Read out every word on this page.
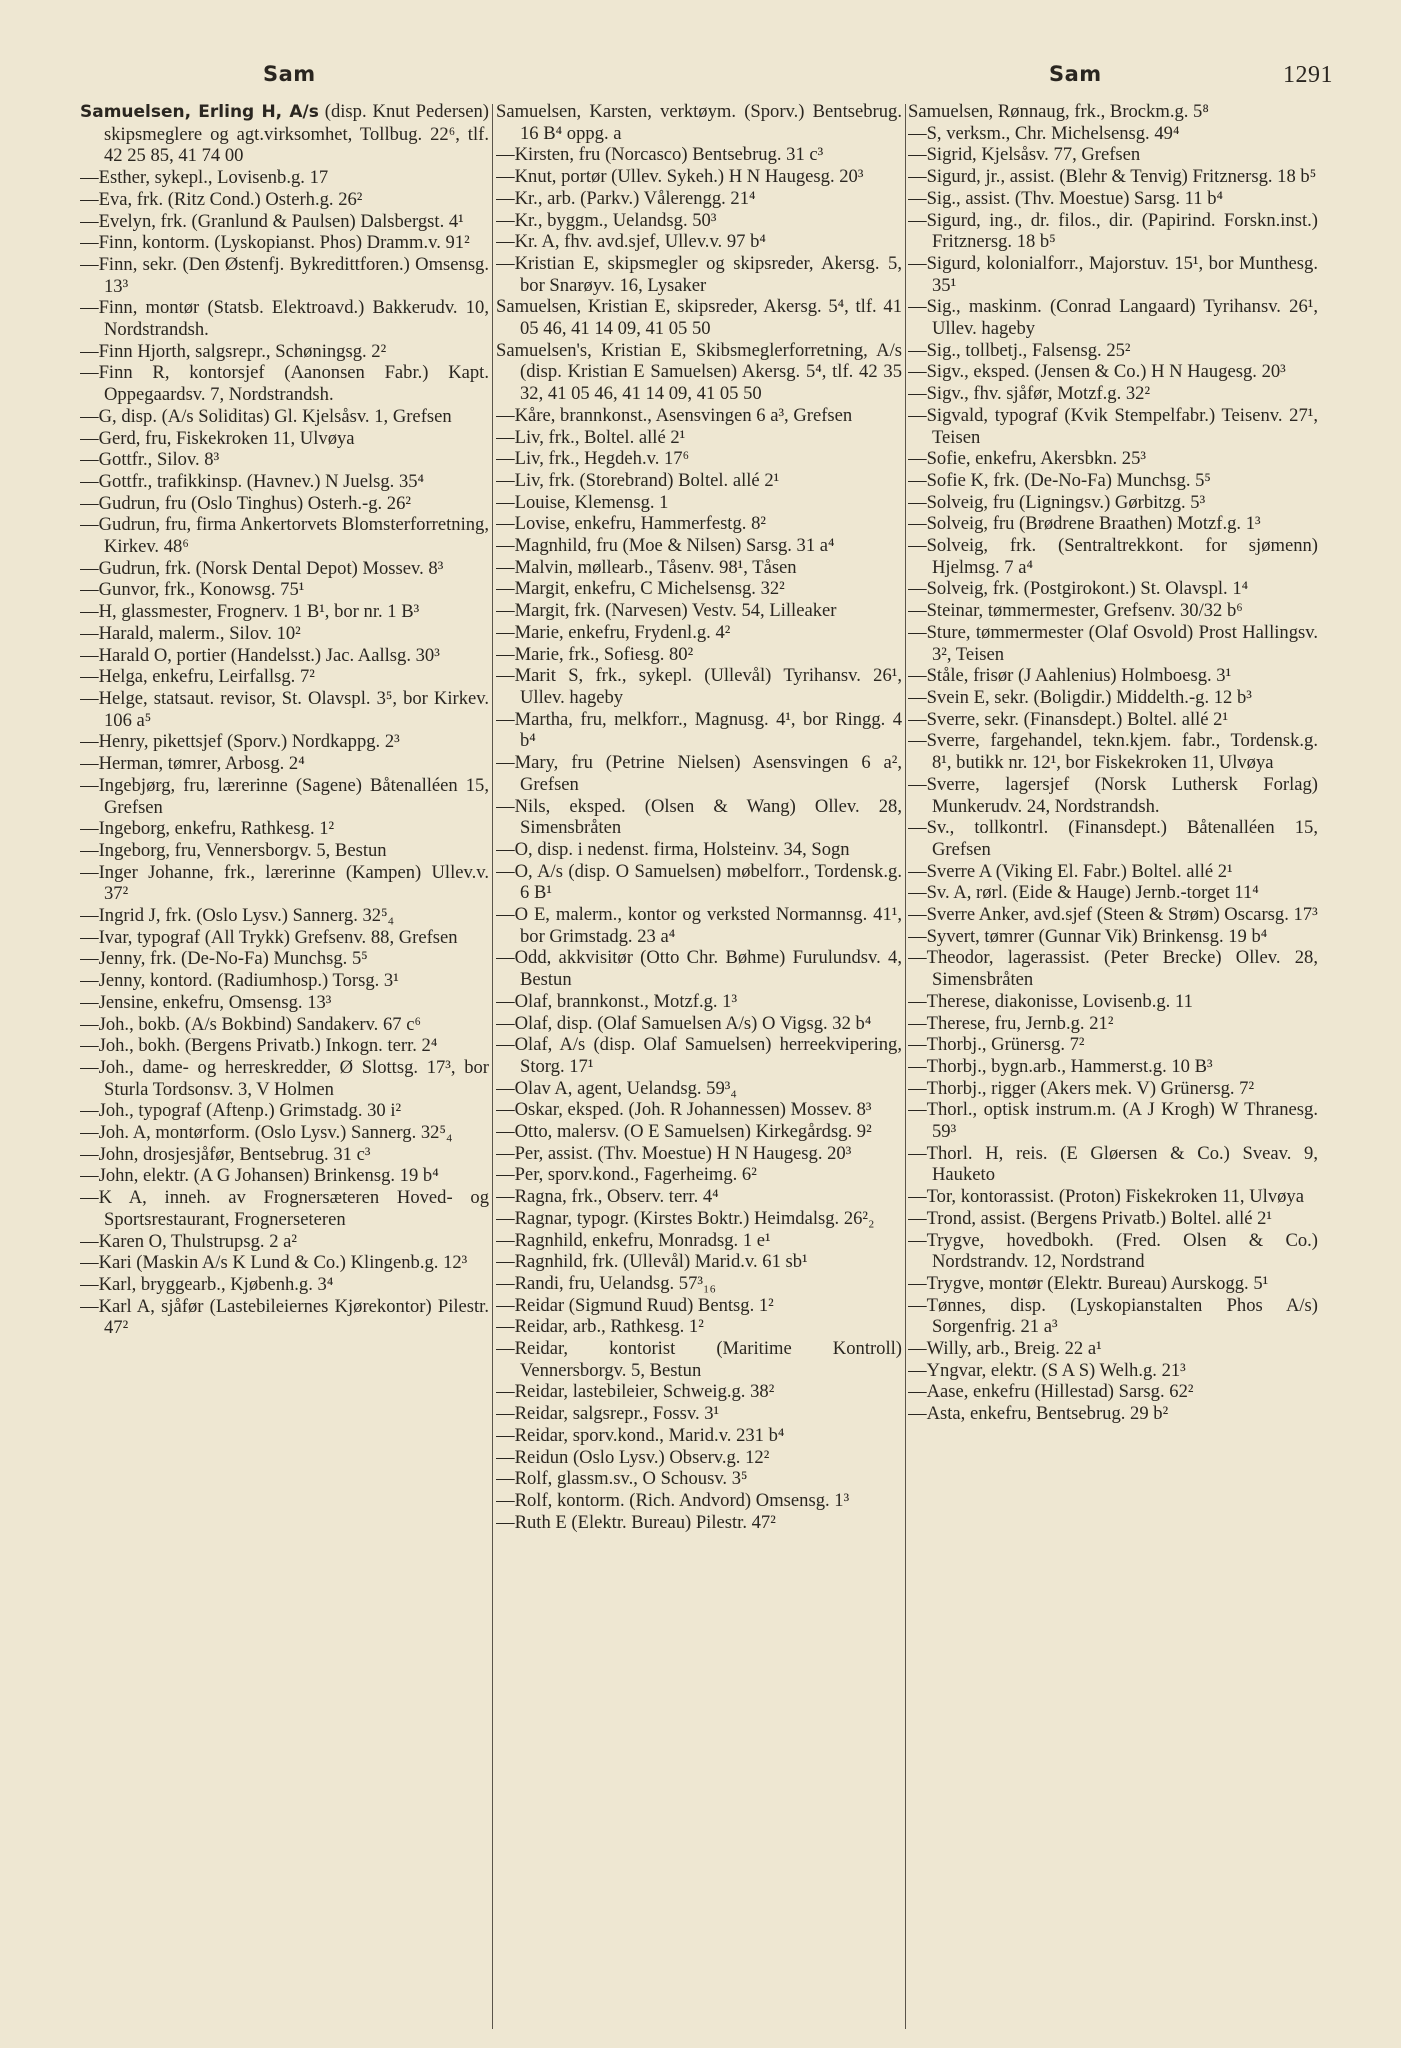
Sam	Sam	1291
Samuelsen, Erling H, A/s (disp. Knut Pedersen) skipsmeglere og agt.virksomhet, Tollbug. 22⁶, tlf. 42 25 85, 41 74 00
—Esther, sykepl., Lovisenb.g. 17
—Eva, frk. (Ritz Cond.) Osterh.g. 26²
—Evelyn, frk. (Granlund & Paulsen) Dalsbergst. 4¹
—Finn, kontorm. (Lyskopianst. Phos) Dramm.v. 91²
—Finn, sekr. (Den Østenfj. Bykredittforen.) Omsensg. 13³
—Finn, montør (Statsb. Elektroavd.) Bakkerudv. 10, Nordstrandsh.
—Finn Hjorth, salgsrepr., Schøningsg. 2²
—Finn R, kontorsjef (Aanonsen Fabr.) Kapt. Oppegaardsv. 7, Nordstrandsh.
—G, disp. (A/s Soliditas) Gl. Kjelsåsv. 1, Grefsen
—Gerd, fru, Fiskekroken 11, Ulvøya
—Gottfr., Silov. 8³
—Gottfr., trafikkinsp. (Havnev.) N Juelsg. 35⁴
—Gudrun, fru (Oslo Tinghus) Osterh.-g. 26²
—Gudrun, fru, firma Ankertorvets Blomsterforretning, Kirkev. 48⁶
—Gudrun, frk. (Norsk Dental Depot) Mossev. 8³
—Gunvor, frk., Konowsg. 75¹
—H, glassmester, Frognerv. 1 B¹, bor nr. 1 B³
—Harald, malerm., Silov. 10²
—Harald O, portier (Handelsst.) Jac. Aallsg. 30³
—Helga, enkefru, Leirfallsg. 7²
—Helge, statsaut. revisor, St. Olavspl. 3⁵, bor Kirkev. 106 a⁵
—Henry, pikettsjef (Sporv.) Nordkappg. 2³
—Herman, tømrer, Arbosg. 2⁴
—Ingebjørg, fru, lærerinne (Sagene) Båtenalléen 15, Grefsen
—Ingeborg, enkefru, Rathkesg. 1²
—Ingeborg, fru, Vennersborgv. 5, Bestun
—Inger Johanne, frk., lærerinne (Kampen) Ullev.v. 37²
—Ingrid J, frk. (Oslo Lysv.) Sannerg. 32⁵₄
—Ivar, typograf (All Trykk) Grefsenv. 88, Grefsen
—Jenny, frk. (De-No-Fa) Munchsg. 5⁵
—Jenny, kontord. (Radiumhosp.) Torsg. 3¹
—Jensine, enkefru, Omsensg. 13³
—Joh., bokb. (A/s Bokbind) Sandakerv. 67 c⁶
—Joh., bokh. (Bergens Privatb.) Inkogn. terr. 2⁴
—Joh., dame- og herreskredder, Ø Slottsg. 17³, bor Sturla Tordsonsv. 3, V Holmen
—Joh., typograf (Aftenp.) Grimstadg. 30 i²
—Joh. A, montørform. (Oslo Lysv.) Sannerg. 32⁵₄
—John, drosjesjåfør, Bentsebrug. 31 c³
—John, elektr. (A G Johansen) Brinkensg. 19 b⁴
—K A, inneh. av Frognersæteren Hoved- og Sportsrestaurant, Frognerseteren
—Karen O, Thulstrupsg. 2 a²
—Kari (Maskin A/s K Lund & Co.) Klingenb.g. 12³
—Karl, bryggearb., Kjøbenh.g. 3⁴
—Karl A, sjåfør (Lastebileiernes Kjørekontor) Pilestr. 47²
Samuelsen, Karsten, verktøym. (Sporv.) Bentsebrug. 16 B⁴ oppg. a
—Kirsten, fru (Norcasco) Bentsebrug. 31 c³
—Knut, portør (Ullev. Sykeh.) H N Haugesg. 20³
—Kr., arb. (Parkv.) Vålerengg. 21⁴
—Kr., byggm., Uelandsg. 50³
—Kr. A, fhv. avd.sjef, Ullev.v. 97 b⁴
—Kristian E, skipsmegler og skipsreder, Akersg. 5, bor Snarøyv. 16, Lysaker
Samuelsen, Kristian E, skipsreder, Akersg. 5⁴, tlf. 41 05 46, 41 14 09, 41 05 50
Samuelsen's, Kristian E, Skibsmeglerforretning, A/s (disp. Kristian E Samuelsen) Akersg. 5⁴, tlf. 42 35 32, 41 05 46, 41 14 09, 41 05 50
—Kåre, brannkonst., Asensvingen 6 a³, Grefsen
—Liv, frk., Boltel. allé 2¹
—Liv, frk., Hegdeh.v. 17⁶
—Liv, frk. (Storebrand) Boltel. allé 2¹
—Louise, Klemensg. 1
—Lovise, enkefru, Hammerfestg. 8²
—Magnhild, fru (Moe & Nilsen) Sarsg. 31 a⁴
—Malvin, møllearb., Tåsenv. 98¹, Tåsen
—Margit, enkefru, C Michelsensg. 32²
—Margit, frk. (Narvesen) Vestv. 54, Lilleaker
—Marie, enkefru, Frydenl.g. 4²
—Marie, frk., Sofiesg. 80²
—Marit S, frk., sykepl. (Ullevål) Tyrihansv. 26¹, Ullev. hageby
—Martha, fru, melkforr., Magnusg. 4¹, bor Ringg. 4 b⁴
—Mary, fru (Petrine Nielsen) Asensvingen 6 a², Grefsen
—Nils, eksped. (Olsen & Wang) Ollev. 28, Simensbråten
—O, disp. i nedenst. firma, Holsteinv. 34, Sogn
—O, A/s (disp. O Samuelsen) møbelforr., Tordensk.g. 6 B¹
—O E, malerm., kontor og verksted Normannsg. 41¹, bor Grimstadg. 23 a⁴
—Odd, akkvisitør (Otto Chr. Bøhme) Furulundsv. 4, Bestun
—Olaf, brannkonst., Motzf.g. 1³
—Olaf, disp. (Olaf Samuelsen A/s) O Vigsg. 32 b⁴
—Olaf, A/s (disp. Olaf Samuelsen) herreekvipering, Storg. 17¹
—Olav A, agent, Uelandsg. 59³₄
—Oskar, eksped. (Joh. R Johannessen) Mossev. 8³
—Otto, malersv. (O E Samuelsen) Kirkegårdsg. 9²
—Per, assist. (Thv. Moestue) H N Haugesg. 20³
—Per, sporv.kond., Fagerheimg. 6²
—Ragna, frk., Observ. terr. 4⁴
—Ragnar, typogr. (Kirstes Boktr.) Heimdalsg. 26²₂
—Ragnhild, enkefru, Monradsg. 1 e¹
—Ragnhild, frk. (Ullevål) Marid.v. 61 sb¹
—Randi, fru, Uelandsg. 57³₁₆
—Reidar (Sigmund Ruud) Bentsg. 1²
—Reidar, arb., Rathkesg. 1²
—Reidar, kontorist (Maritime Kontroll) Vennersborgv. 5, Bestun
—Reidar, lastebileier, Schweig.g. 38²
—Reidar, salgsrepr., Fossv. 3¹
—Reidar, sporv.kond., Marid.v. 231 b⁴
—Reidun (Oslo Lysv.) Observ.g. 12²
—Rolf, glassm.sv., O Schousv. 3⁵
—Rolf, kontorm. (Rich. Andvord) Omsensg. 1³
—Ruth E (Elektr. Bureau) Pilestr. 47²
Samuelsen, Rønnaug, frk., Brockm.g. 5⁸
—S, verksm., Chr. Michelsensg. 49⁴
—Sigrid, Kjelsåsv. 77, Grefsen
—Sigurd, jr., assist. (Blehr & Tenvig) Fritznersg. 18 b⁵
—Sig., assist. (Thv. Moestue) Sarsg. 11 b⁴
—Sigurd, ing., dr. filos., dir. (Papirind. Forskn.inst.) Fritznersg. 18 b⁵
—Sigurd, kolonialforr., Majorstuv. 15¹, bor Munthesg. 35¹
—Sig., maskinm. (Conrad Langaard) Tyrihansv. 26¹, Ullev. hageby
—Sig., tollbetj., Falsensg. 25²
—Sigv., eksped. (Jensen & Co.) H N Haugesg. 20³
—Sigv., fhv. sjåfør, Motzf.g. 32²
—Sigvald, typograf (Kvik Stempelfabr.) Teisenv. 27¹, Teisen
—Sofie, enkefru, Akersbkn. 25³
—Sofie K, frk. (De-No-Fa) Munchsg. 5⁵
—Solveig, fru (Ligningsv.) Gørbitzg. 5³
—Solveig, fru (Brødrene Braathen) Motzf.g. 1³
—Solveig, frk. (Sentraltrekkont. for sjømenn) Hjelmsg. 7 a⁴
—Solveig, frk. (Postgirokont.) St. Olavspl. 1⁴
—Steinar, tømmermester, Grefsenv. 30/32 b⁶
—Sture, tømmermester (Olaf Osvold) Prost Hallingsv. 3², Teisen
—Ståle, frisør (J Aahlenius) Holmboesg. 3¹
—Svein E, sekr. (Boligdir.) Middelth.-g. 12 b³
—Sverre, sekr. (Finansdept.) Boltel. allé 2¹
—Sverre, fargehandel, tekn.kjem. fabr., Tordensk.g. 8¹, butikk nr. 12¹, bor Fiskekroken 11, Ulvøya
—Sverre, lagersjef (Norsk Luthersk Forlag) Munkerudv. 24, Nordstrandsh.
—Sv., tollkontrl. (Finansdept.) Båtenalléen 15, Grefsen
—Sverre A (Viking El. Fabr.) Boltel. allé 2¹
—Sv. A, rørl. (Eide & Hauge) Jernb.-torget 11⁴
—Sverre Anker, avd.sjef (Steen & Strøm) Oscarsg. 17³
—Syvert, tømrer (Gunnar Vik) Brinkensg. 19 b⁴
—Theodor, lagerassist. (Peter Brecke) Ollev. 28, Simensbråten
—Therese, diakonisse, Lovisenb.g. 11
—Therese, fru, Jernb.g. 21²
—Thorbj., Grünersg. 7²
—Thorbj., bygn.arb., Hammerst.g. 10 B³
—Thorbj., rigger (Akers mek. V) Grünersg. 7²
—Thorl., optisk instrum.m. (A J Krogh) W Thranesg. 59³
—Thorl. H, reis. (E Gløersen & Co.) Sveav. 9, Hauketo
—Tor, kontorassist. (Proton) Fiskekroken 11, Ulvøya
—Trond, assist. (Bergens Privatb.) Boltel. allé 2¹
—Trygve, hovedbokh. (Fred. Olsen & Co.) Nordstrandv. 12, Nordstrand
—Trygve, montør (Elektr. Bureau) Aurskogg. 5¹
—Tønnes, disp. (Lyskopianstalten Phos A/s) Sorgenfrig. 21 a³
—Willy, arb., Breig. 22 a¹
—Yngvar, elektr. (S A S) Welh.g. 21³
—Aase, enkefru (Hillestad) Sarsg. 62²
—Asta, enkefru, Bentsebrug. 29 b²
